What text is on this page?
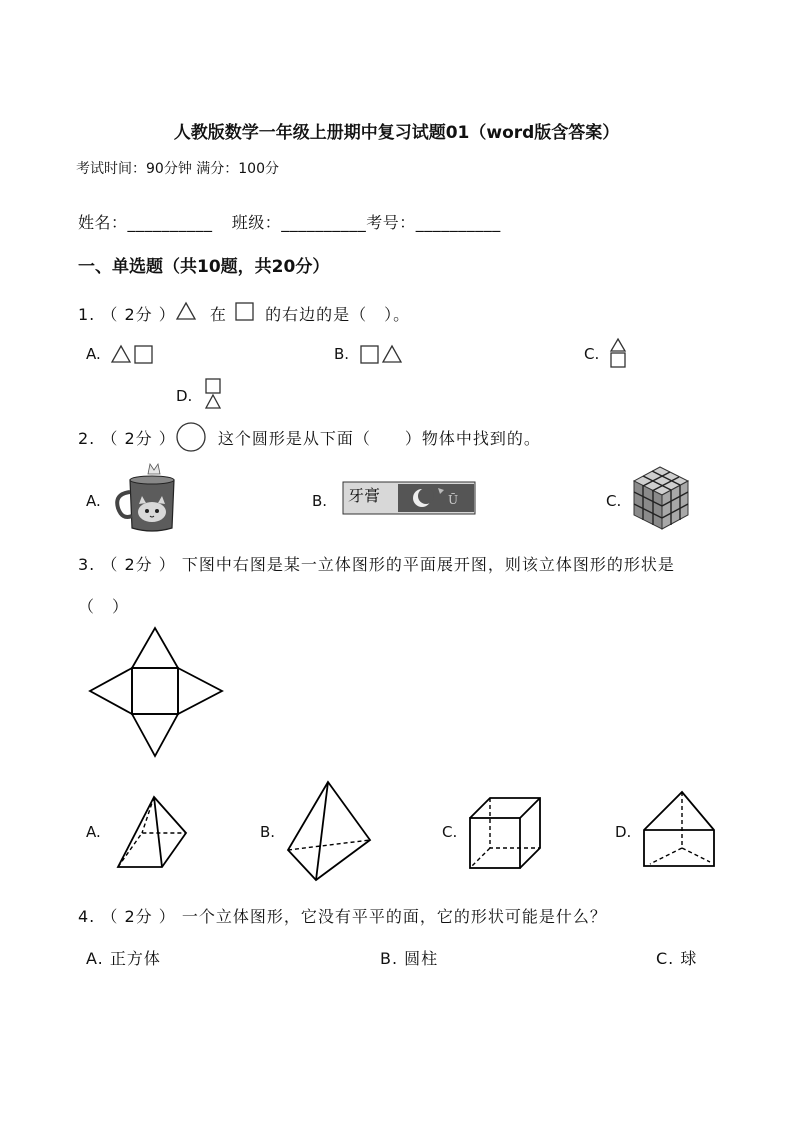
人教版数学一年级上册期中复习试题01（word版含答案）
考试时间：90分钟 满分：100分
姓名：__________ 班级：__________考号：__________
一、单选题（共10题，共20分）
1. （ 2分 ） 在 的右边的是（　）。
A.	B.	C.
D.
2. （ 2分 ）	这个圆形是从下面（　　）物体中找到的。
A.	B.	Ū
牙膏	C.
3. （ 2分 ） 下图中右图是某一立体图形的平面展开图，则该立体图形的形状是
（　）
A.	B.	C.	D.
4. （ 2分 ） 一个立体图形，它没有平平的面，它的形状可能是什么？
A. 正方体	B. 圆柱	C. 球
